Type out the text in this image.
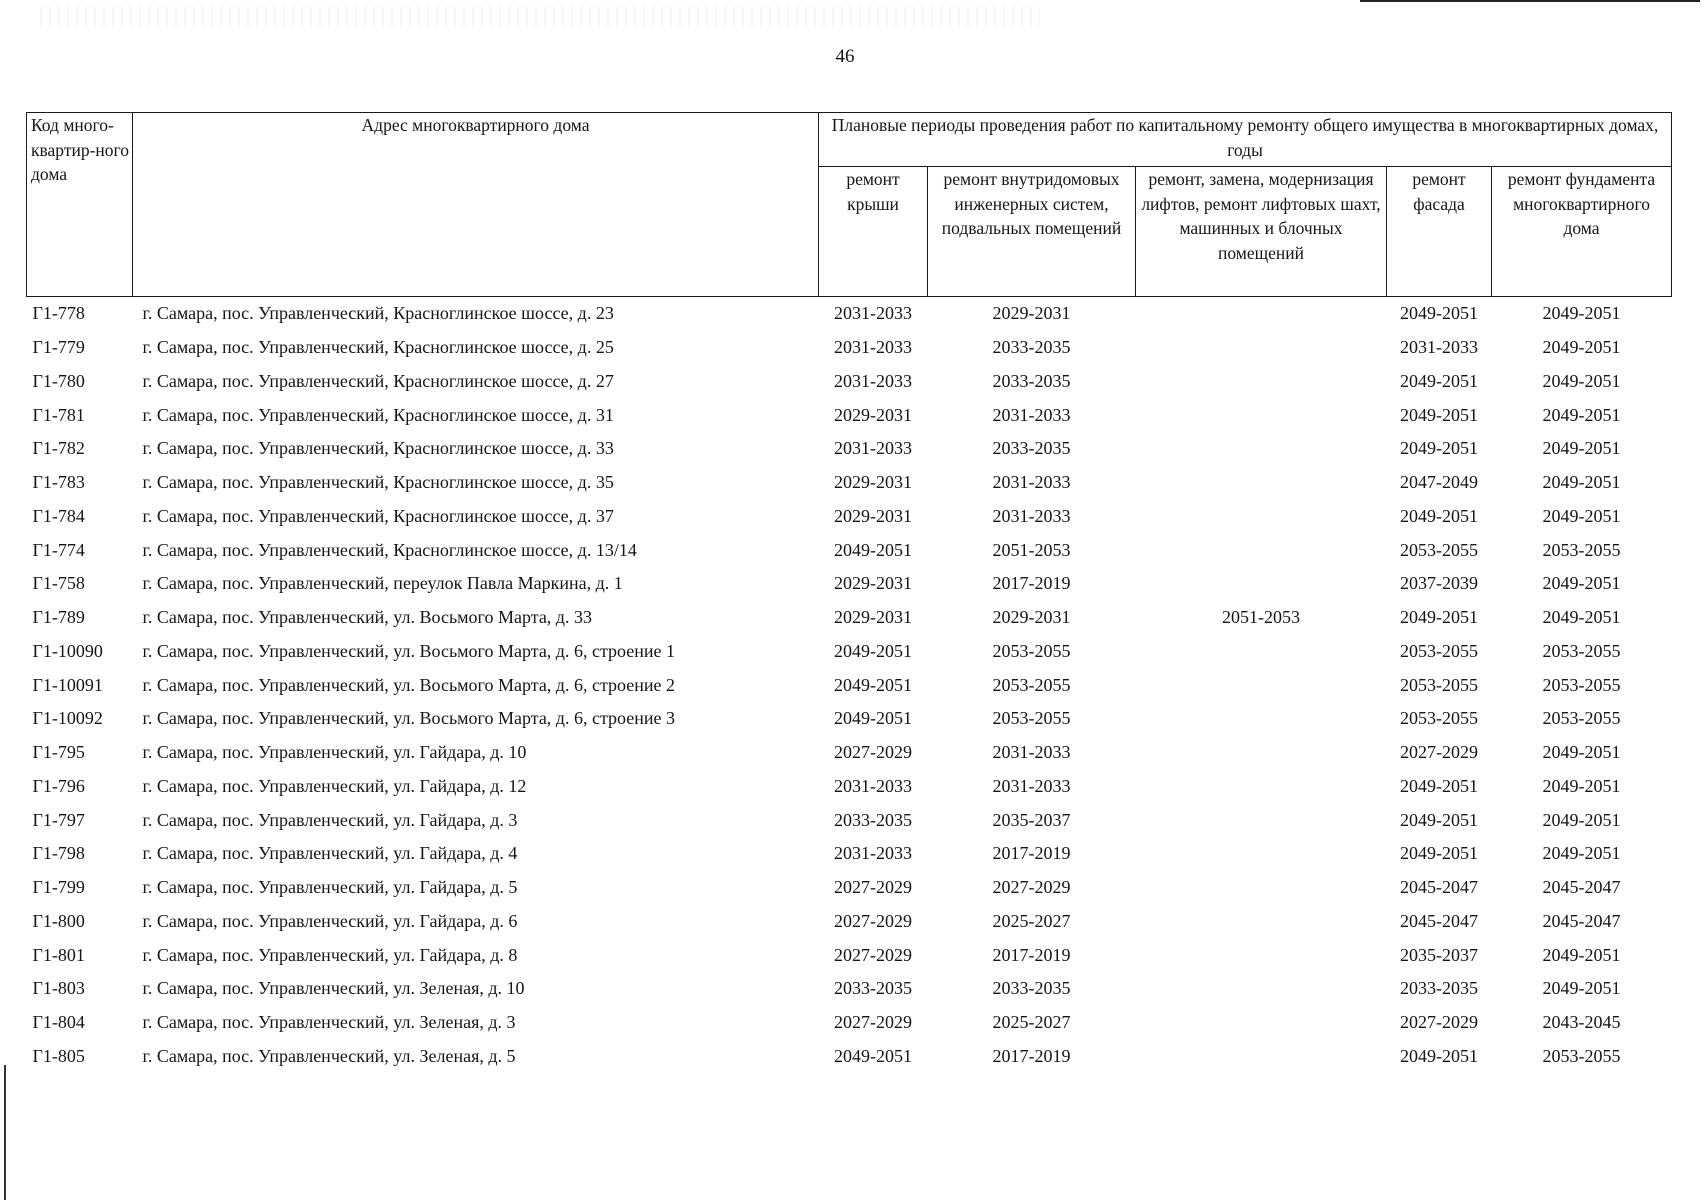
46
Код много-квартир-ного дома	Адрес многоквартирного дома	Плановые периоды проведения работ по капитальному ремонту общего имущества в многоквартирных домах, годы				
		ремонт крыши	ремонт внутридомовых инженерных систем, подвальных помещений	ремонт, замена, модернизация лифтов, ремонт лифтовых шахт, машинных и блочных помещений	ремонт фасада	ремонт фундамента многоквартирного дома
Г1-778	г. Самара, пос. Управленческий, Красноглинское шоссе, д. 23	2031-2033	2029-2031		2049-2051	2049-2051
Г1-779	г. Самара, пос. Управленческий, Красноглинское шоссе, д. 25	2031-2033	2033-2035		2031-2033	2049-2051
Г1-780	г. Самара, пос. Управленческий, Красноглинское шоссе, д. 27	2031-2033	2033-2035		2049-2051	2049-2051
Г1-781	г. Самара, пос. Управленческий, Красноглинское шоссе, д. 31	2029-2031	2031-2033		2049-2051	2049-2051
Г1-782	г. Самара, пос. Управленческий, Красноглинское шоссе, д. 33	2031-2033	2033-2035		2049-2051	2049-2051
Г1-783	г. Самара, пос. Управленческий, Красноглинское шоссе, д. 35	2029-2031	2031-2033		2047-2049	2049-2051
Г1-784	г. Самара, пос. Управленческий, Красноглинское шоссе, д. 37	2029-2031	2031-2033		2049-2051	2049-2051
Г1-774	г. Самара, пос. Управленческий, Красноглинское шоссе, д. 13/14	2049-2051	2051-2053		2053-2055	2053-2055
Г1-758	г. Самара, пос. Управленческий, переулок Павла Маркина, д. 1	2029-2031	2017-2019		2037-2039	2049-2051
Г1-789	г. Самара, пос. Управленческий, ул. Восьмого Марта, д. 33	2029-2031	2029-2031	2051-2053	2049-2051	2049-2051
Г1-10090	г. Самара, пос. Управленческий, ул. Восьмого Марта, д. 6, строение 1	2049-2051	2053-2055		2053-2055	2053-2055
Г1-10091	г. Самара, пос. Управленческий, ул. Восьмого Марта, д. 6, строение 2	2049-2051	2053-2055		2053-2055	2053-2055
Г1-10092	г. Самара, пос. Управленческий, ул. Восьмого Марта, д. 6, строение 3	2049-2051	2053-2055		2053-2055	2053-2055
Г1-795	г. Самара, пос. Управленческий, ул. Гайдара, д. 10	2027-2029	2031-2033		2027-2029	2049-2051
Г1-796	г. Самара, пос. Управленческий, ул. Гайдара, д. 12	2031-2033	2031-2033		2049-2051	2049-2051
Г1-797	г. Самара, пос. Управленческий, ул. Гайдара, д. 3	2033-2035	2035-2037		2049-2051	2049-2051
Г1-798	г. Самара, пос. Управленческий, ул. Гайдара, д. 4	2031-2033	2017-2019		2049-2051	2049-2051
Г1-799	г. Самара, пос. Управленческий, ул. Гайдара, д. 5	2027-2029	2027-2029		2045-2047	2045-2047
Г1-800	г. Самара, пос. Управленческий, ул. Гайдара, д. 6	2027-2029	2025-2027		2045-2047	2045-2047
Г1-801	г. Самара, пос. Управленческий, ул. Гайдара, д. 8	2027-2029	2017-2019		2035-2037	2049-2051
Г1-803	г. Самара, пос. Управленческий, ул. Зеленая, д. 10	2033-2035	2033-2035		2033-2035	2049-2051
Г1-804	г. Самара, пос. Управленческий, ул. Зеленая, д. 3	2027-2029	2025-2027		2027-2029	2043-2045
Г1-805	г. Самара, пос. Управленческий, ул. Зеленая, д. 5	2049-2051	2017-2019		2049-2051	2053-2055
